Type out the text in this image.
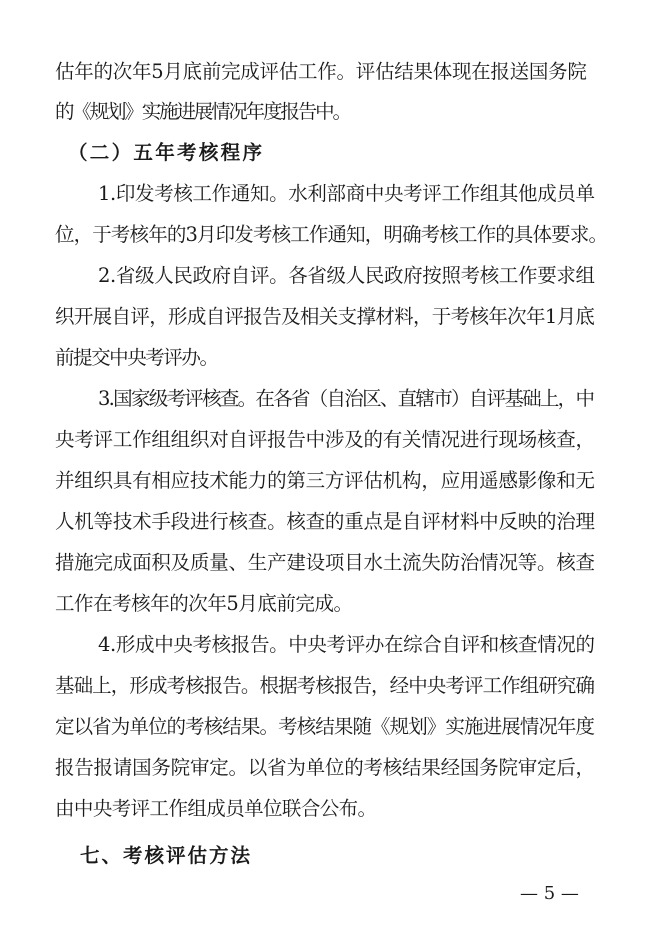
估年的次年5月底前完成评估工作。评估结果体现在报送国务院
的《规划》实施进展情况年度报告中。
（二）五年考核程序
1.印发考核工作通知。水利部商中央考评工作组其他成员单
位，于考核年的3月印发考核工作通知，明确考核工作的具体要求。
2.省级人民政府自评。各省级人民政府按照考核工作要求组
织开展自评，形成自评报告及相关支撑材料，于考核年次年1月底
前提交中央考评办。
3.国家级考评核查。在各省（自治区、直辖市）自评基础上，中
央考评工作组组织对自评报告中涉及的有关情况进行现场核查，
并组织具有相应技术能力的第三方评估机构，应用遥感影像和无
人机等技术手段进行核查。核查的重点是自评材料中反映的治理
措施完成面积及质量、生产建设项目水土流失防治情况等。核查
工作在考核年的次年5月底前完成。
4.形成中央考核报告。中央考评办在综合自评和核查情况的
基础上，形成考核报告。根据考核报告，经中央考评工作组研究确
定以省为单位的考核结果。考核结果随《规划》实施进展情况年度
报告报请国务院审定。以省为单位的考核结果经国务院审定后，
由中央考评工作组成员单位联合公布。
七、考核评估方法
— 5 —
